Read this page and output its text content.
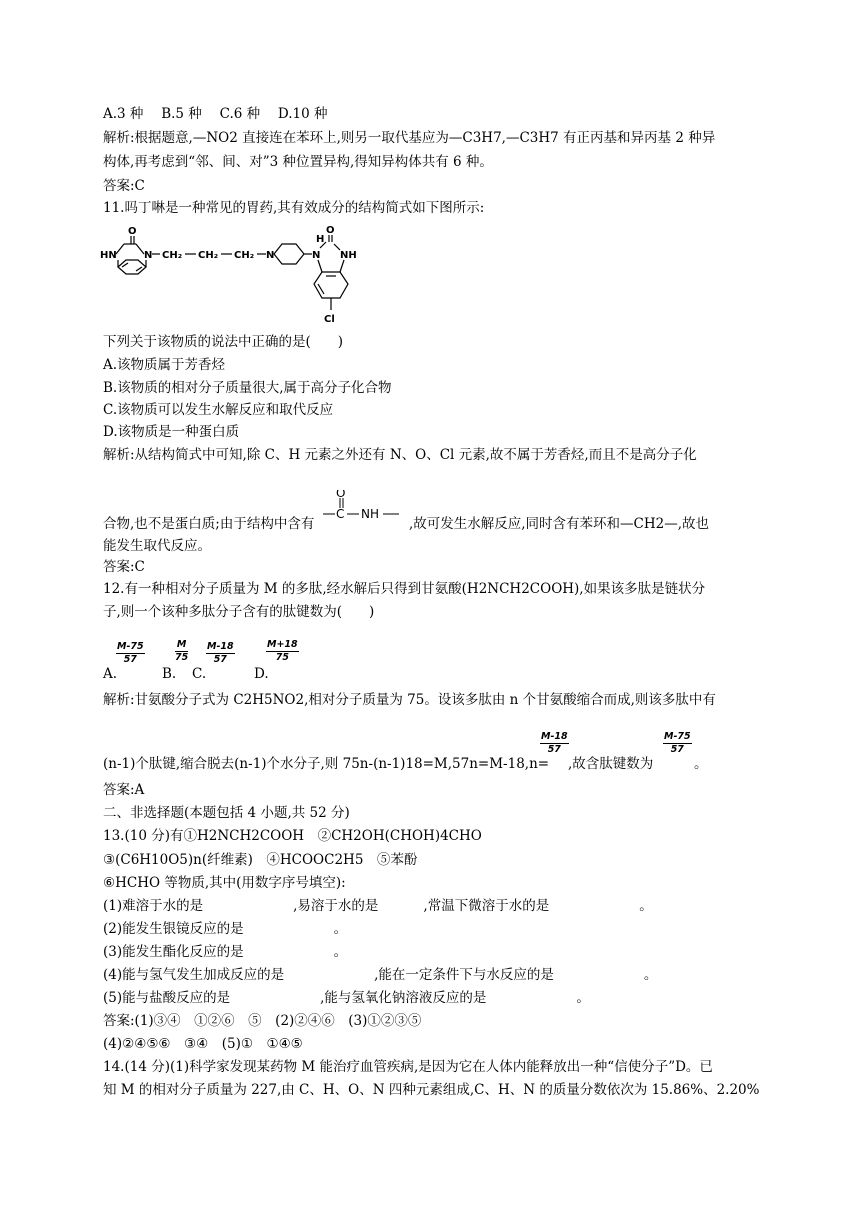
A.3 种　 B.5 种　 C.6 种　 D.10 种
解析:根据题意,—NO2 直接连在苯环上,则另一取代基应为—C3H7,—C3H7 有正丙基和异丙基 2 种异
构体,再考虑到“邻、间、对”3 种位置异构,得知异构体共有 6 种。
答案:C
11.吗丁啉是一种常见的胃药,其有效成分的结构简式如下图所示:
HN	N
O
CH₂ CH₂ CH₂ N	N
H
O
NH
Cl
下列关于该物质的说法中正确的是(　　)
A.该物质属于芳香烃
B.该物质的相对分子质量很大,属于高分子化合物
C.该物质可以发生水解反应和取代反应
D.该物质是一种蛋白质
解析:从结构简式中可知,除 C、H 元素之外还有 N、O、Cl 元素,故不属于芳香烃,而且不是高分子化
合物,也不是蛋白质;由于结构中含有
O
C NH
,故可发生水解反应,同时含有苯环和—CH2—,故也
能发生取代反应。
答案:C
12.有一种相对分子质量为 M 的多肽,经水解后只得到甘氨酸(H2NCH2COOH),如果该多肽是链状分
子,则一个该种多肽分子含有的肽键数为(　　)
M-75
57
M
75
M-18
57
M+18
75
A.	B. C.	D.
解析:甘氨酸分子式为 C2H5NO2,相对分子质量为 75。设该多肽由 n 个甘氨酸缩合而成,则该多肽中有
M-18
57
M-75
57
(n-1)个肽键,缩合脱去(n-1)个水分子,则 75n-(n-1)18=M,57n=M-18,n= ,故含肽键数为	。
答案:A
二、非选择题(本题包括 4 小题,共 52 分)
13.(10 分)有①H2NCH2COOH　②CH2OH(CHOH)4CHO
③(C6H10O5)n(纤维素)　④HCOOC2H5　⑤苯酚
⑥HCHO 等物质,其中(用数字序号填空):
(1)难溶于水的是	,易溶于水的是	,常温下微溶于水的是	。
(2)能发生银镜反应的是	。
(3)能发生酯化反应的是	。
(4)能与氢气发生加成反应的是	,能在一定条件下与水反应的是	。
(5)能与盐酸反应的是	,能与氢氧化钠溶液反应的是	。
答案:(1)③④　①②⑥　⑤　(2)②④⑥　(3)①②③⑤
(4)②④⑤⑥　③④　(5)①　①④⑤
14.(14 分)(1)科学家发现某药物 M 能治疗血管疾病,是因为它在人体内能释放出一种“信使分子”D。已
知 M 的相对分子质量为 227,由 C、H、O、N 四种元素组成,C、H、N 的质量分数依次为 15.86%、2.20%
